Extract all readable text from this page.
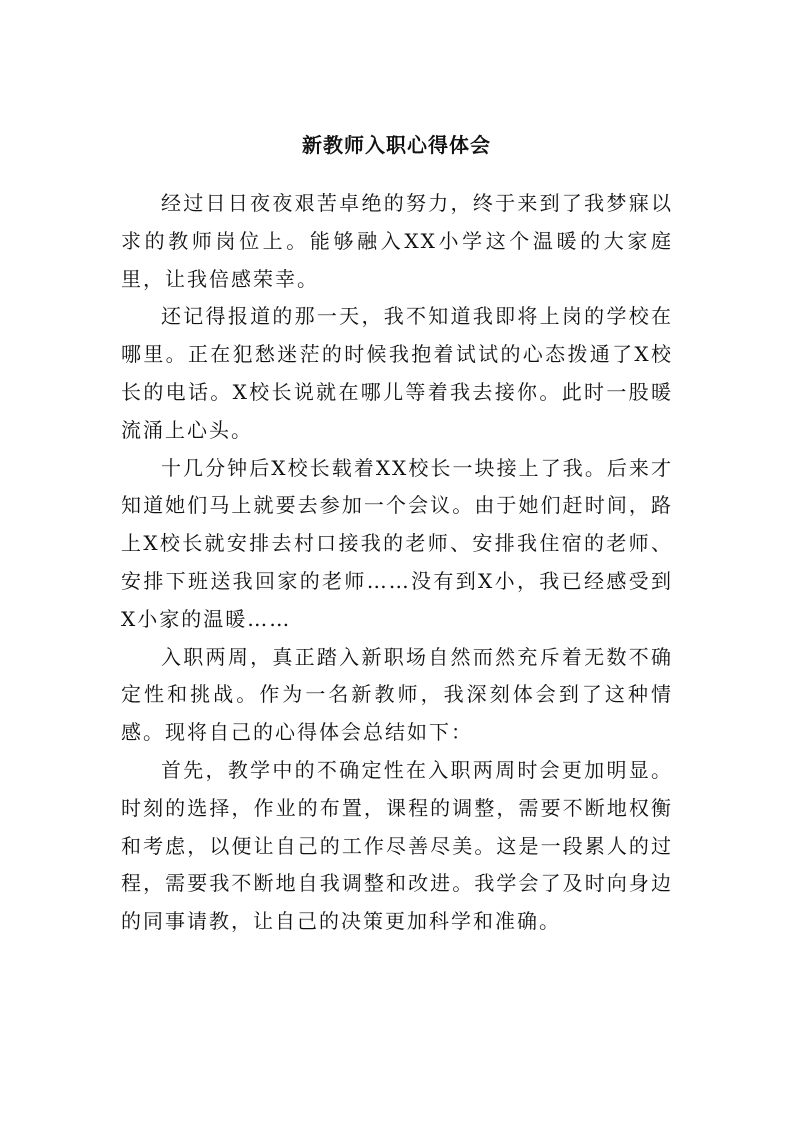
新教师入职心得体会

经过日日夜夜艰苦卓绝的努力，终于来到了我梦寐以求的教师岗位上。能够融入XX小学这个温暖的大家庭里，让我倍感荣幸。

还记得报道的那一天，我不知道我即将上岗的学校在哪里。正在犯愁迷茫的时候我抱着试试的心态拨通了X校长的电话。X校长说就在哪儿等着我去接你。此时一股暖流涌上心头。

十几分钟后X校长载着XX校长一块接上了我。后来才知道她们马上就要去参加一个会议。由于她们赶时间，路上X校长就安排去村口接我的老师、安排我住宿的老师、安排下班送我回家的老师……没有到X小，我已经感受到X小家的温暖……

入职两周，真正踏入新职场自然而然充斥着无数不确定性和挑战。作为一名新教师，我深刻体会到了这种情感。现将自己的心得体会总结如下：

首先，教学中的不确定性在入职两周时会更加明显。时刻的选择，作业的布置，课程的调整，需要不断地权衡和考虑，以便让自己的工作尽善尽美。这是一段累人的过程，需要我不断地自我调整和改进。我学会了及时向身边的同事请教，让自己的决策更加科学和准确。
